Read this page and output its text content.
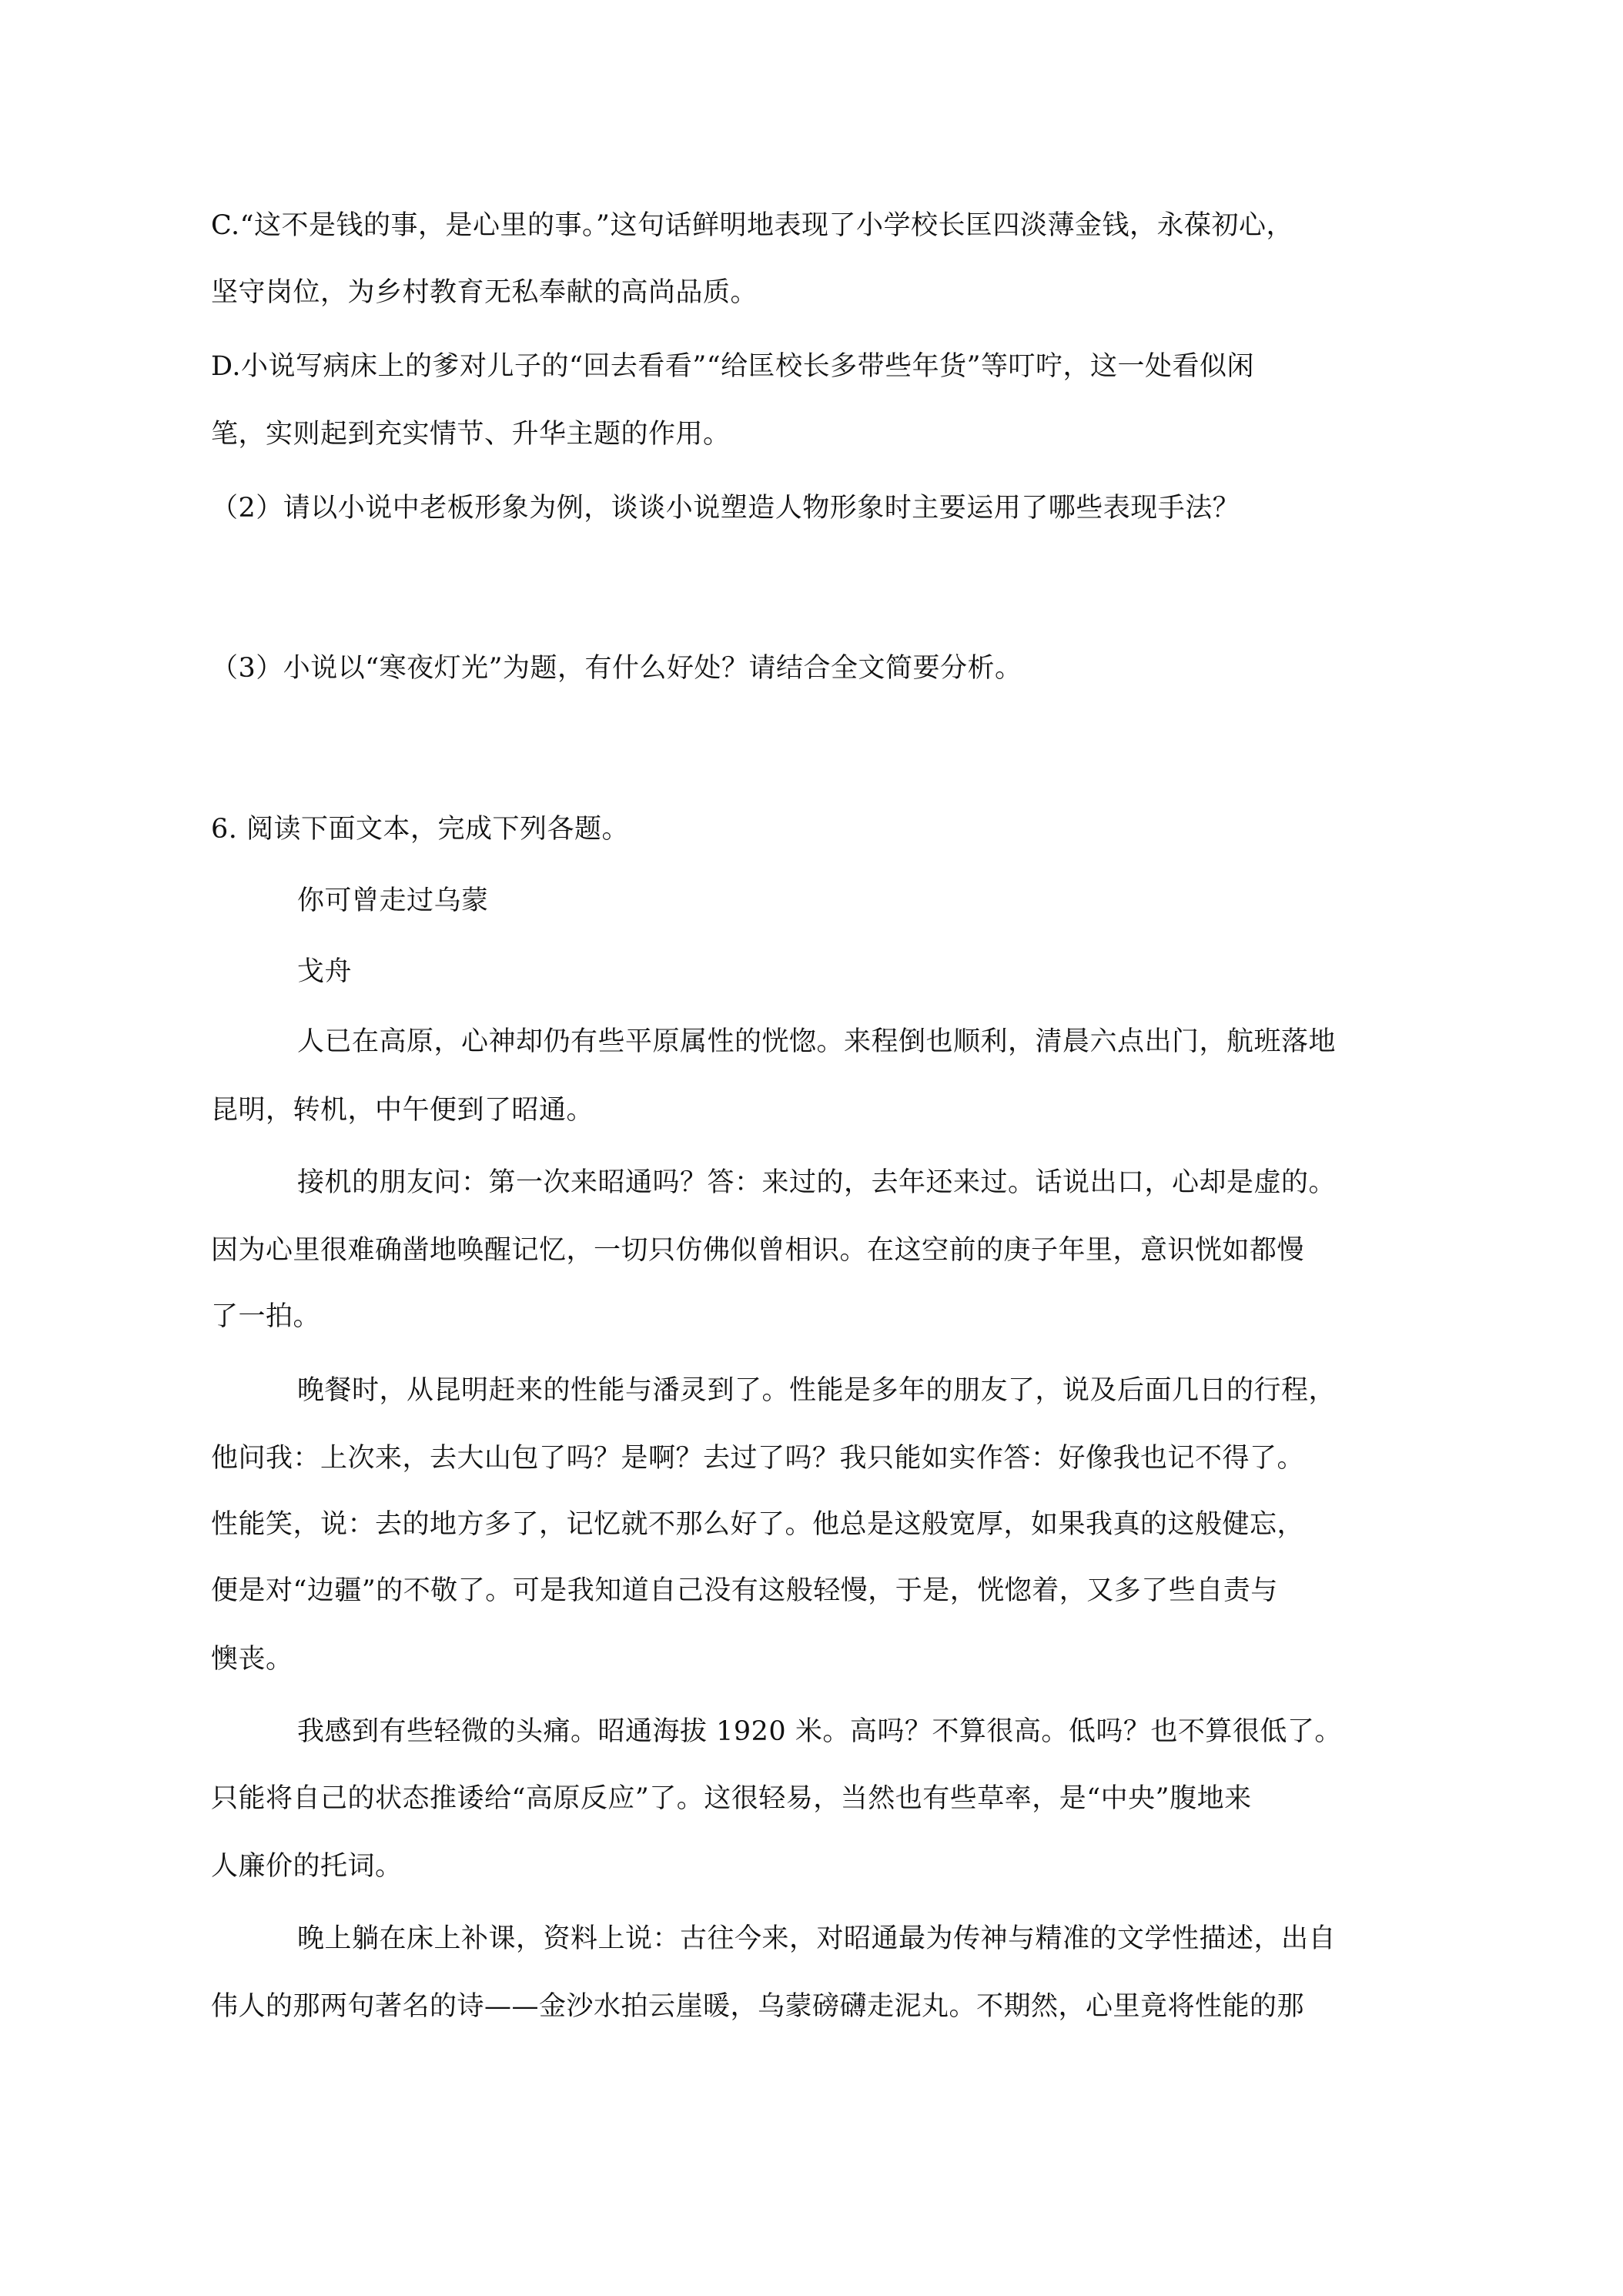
C.“这不是钱的事，是心里的事。”这句话鲜明地表现了小学校长匡四淡薄金钱，永葆初心，
坚守岗位，为乡村教育无私奉献的高尚品质。
D.小说写病床上的爹对儿子的“回去看看”“给匡校长多带些年货”等叮咛，这一处看似闲
笔，实则起到充实情节、升华主题的作用。
（2）请以小说中老板形象为例，谈谈小说塑造人物形象时主要运用了哪些表现手法？
（3）小说以“寒夜灯光”为题，有什么好处？请结合全文简要分析。
6. 阅读下面文本，完成下列各题。
你可曾走过乌蒙
戈舟
人已在高原，心神却仍有些平原属性的恍惚。来程倒也顺利，清晨六点出门，航班落地
昆明，转机，中午便到了昭通。
接机的朋友问：第一次来昭通吗？答：来过的，去年还来过。话说出口，心却是虚的。
因为心里很难确凿地唤醒记忆，一切只仿佛似曾相识。在这空前的庚子年里，意识恍如都慢
了一拍。
晚餐时，从昆明赶来的性能与潘灵到了。性能是多年的朋友了，说及后面几日的行程，
他问我：上次来，去大山包了吗？是啊？去过了吗？我只能如实作答：好像我也记不得了。
性能笑，说：去的地方多了，记忆就不那么好了。他总是这般宽厚，如果我真的这般健忘，
便是对“边疆”的不敬了。可是我知道自己没有这般轻慢，于是，恍惚着，又多了些自责与
懊丧。
我感到有些轻微的头痛。昭通海拔 1920 米。高吗？不算很高。低吗？也不算很低了。
只能将自己的状态推诿给“高原反应”了。这很轻易，当然也有些草率，是“中央”腹地来
人廉价的托词。
晚上躺在床上补课，资料上说：古往今来，对昭通最为传神与精准的文学性描述，出自
伟人的那两句著名的诗——金沙水拍云崖暖，乌蒙磅礴走泥丸。不期然，心里竟将性能的那
